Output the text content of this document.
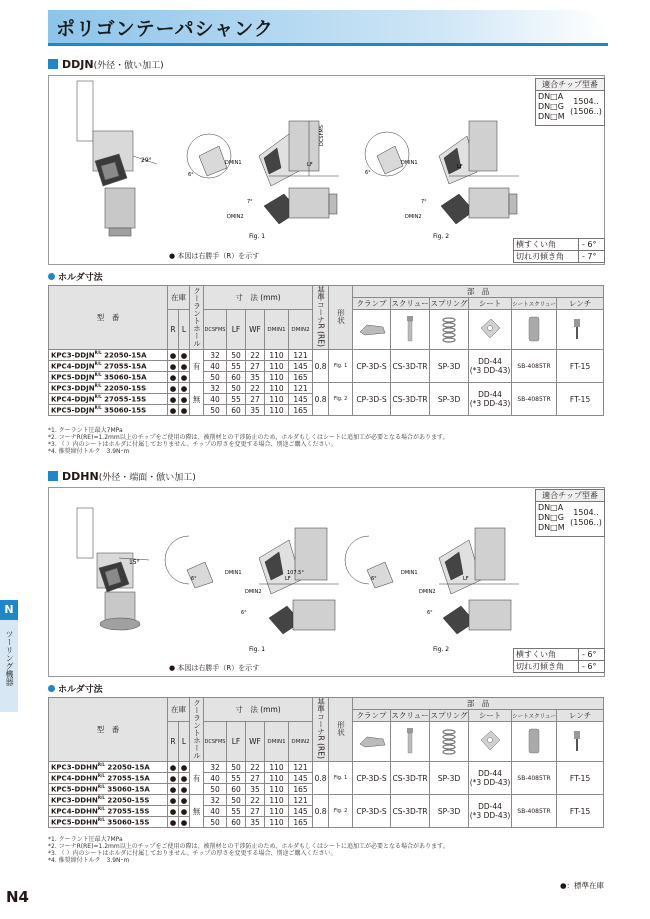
ポリゴンテーパシャンク
N
ツーリング機器
DDJN(外径・倣い加工)
29°	DMIN1
6°
LF
7°
DMIN2
DCSFMS
Fig. 1
DMIN1
6°
LF
7°
DMIN2
Fig. 2
● 本図は右勝手（R）を示す
適合チップ型番
DN□A
DN□G
DN□M
1504..
(1506..)
横すくい角	- 6°
切れ刃傾き角	- 7°
ホルダ寸法
型　番	在庫		クーラントホール	寸　法 (mm)					基準コーナR (RE)	形状	部　品					
											クランプ	スクリュー	スプリング	シート	シートスクリュー	レンチ
	R	L		DCSFMS	LF	WF	DMIN1	DMIN2						
$KPC3-DDJN^{R/L}$ 22050-15A	●	●	有	32	50	22	110	121	0.8	Fig. 1	CP-3D-S	CS-3D-TR	SP-3D	DD-44
(*3 DD-43)	SB-4085TR	FT-15
$KPC4-DDJN^{R/L}$ 27055-15A	●	●		40	55	27	110	145								
$KPC5-DDJN^{R/L}$ 35060-15A	●	●		50	60	35	110	165								
$KPC3-DDJN^{R/L}$ 22050-15S	●	●	無	32	50	22	110	121	0.8	Fig. 2	CP-3D-S	CS-3D-TR	SP-3D	DD-44
(*3 DD-43)	SB-4085TR	FT-15
$KPC4-DDJN^{R/L}$ 27055-15S	●	●		40	55	27	110	145								
$KPC5-DDJN^{R/L}$ 35060-15S	●	●		50	60	35	110	165								
*1. クーラント圧最大7MPa
*2. コーナR(RE)=1.2mm以上のチップをご使用の際は、被削材との干渉防止のため、ホルダもしくはシートに追加工が必要となる場合があります。
*3. （ ）内のシートはホルダに付属しておりません。チップの厚さを変更する場合、別途ご購入ください。
*4. 推奨締付トルク　3.9N･m
DDHN(外径・端面・倣い加工)
15°
DMIN1
6°	LF
107.5°
DMIN2
6°
Fig. 1
DMIN1
6°	LF
DMIN2
6°
Fig. 2
● 本図は右勝手（R）を示す
適合チップ型番
DN□A
DN□G
DN□M
1504..
(1506..)
横すくい角	- 6°
切れ刃傾き角	- 6°
ホルダ寸法
型　番	在庫		クーラントホール	寸　法 (mm)					基準コーナR (RE)	形状	部　品					
											クランプ	スクリュー	スプリング	シート	シートスクリュー	レンチ
	R	L		DCSFMS	LF	WF	DMIN1	DMIN2						
$KPC3-DDHN^{R/L}$ 22050-15A	●	●	有	32	50	22	110	121	0.8	Fig. 1	CP-3D-S	CS-3D-TR	SP-3D	DD-44
(*3 DD-43)	SB-4085TR	FT-15
$KPC4-DDHN^{R/L}$ 27055-15A	●	●		40	55	27	110	145								
$KPC5-DDHN^{R/L}$ 35060-15A	●	●		50	60	35	110	165								
$KPC3-DDHN^{R/L}$ 22050-15S	●	●	無	32	50	22	110	121	0.8	Fig. 2	CP-3D-S	CS-3D-TR	SP-3D	DD-44
(*3 DD-43)	SB-4085TR	FT-15
$KPC4-DDHN^{R/L}$ 27055-15S	●	●		40	55	27	110	145								
$KPC5-DDHN^{R/L}$ 35060-15S	●	●		50	60	35	110	165								
*1. クーラント圧最大7MPa
*2. コーナR(RE)=1.2mm以上のチップをご使用の際は、被削材との干渉防止のため、ホルダもしくはシートに追加工が必要となる場合があります。
*3. （ ）内のシートはホルダに付属しておりません。チップの厚さを変更する場合、別途ご購入ください。
*4. 推奨締付トルク　3.9N･m
N4
●：標準在庫
